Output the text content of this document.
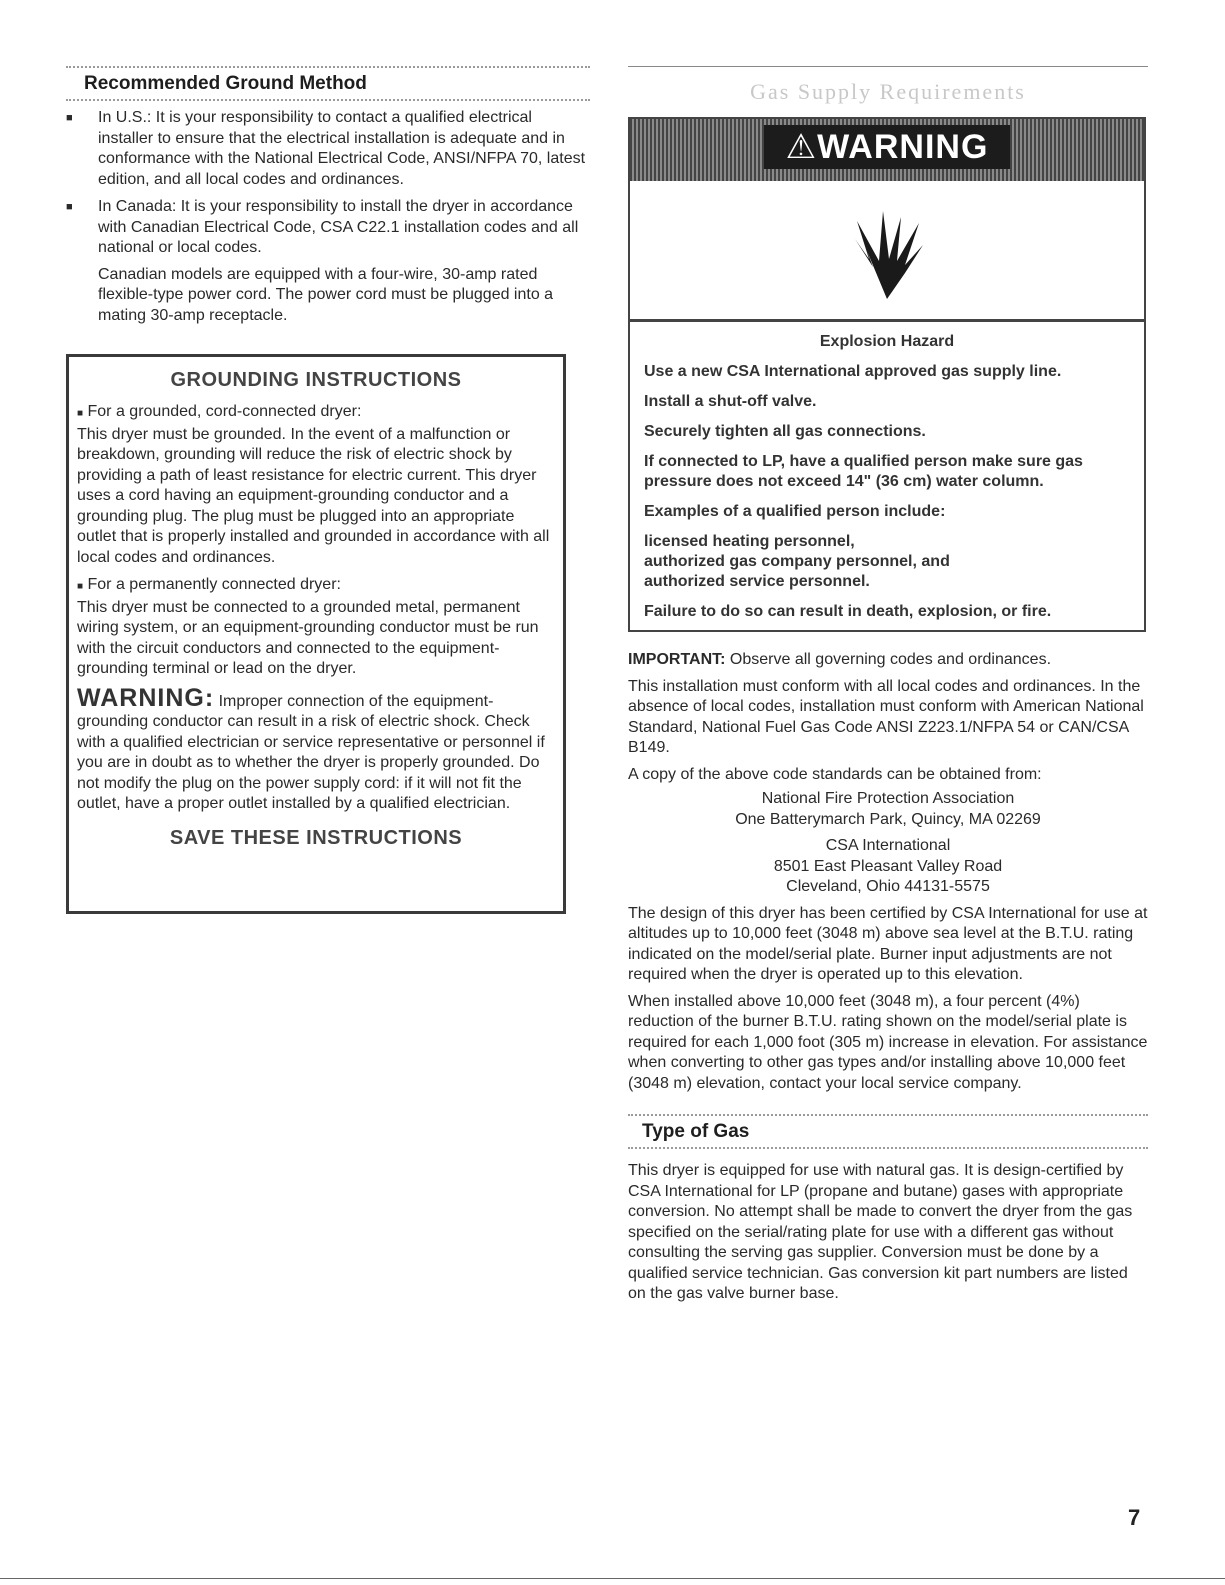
Recommended Ground Method
■	In U.S.: It is your responsibility to contact a qualified electrical installer to ensure that the electrical installation is adequate and in conformance with the National Electrical Code, ANSI/NFPA 70, latest edition, and all local codes and ordinances.

■	In Canada: It is your responsibility to install the dryer in accordance with Canadian Electrical Code, CSA C22.1 installation codes and all national or local codes.

Canadian models are equipped with a four-wire, 30-amp rated flexible-type power cord. The power cord must be plugged into a mating 30-amp receptacle.

GROUNDING INSTRUCTIONS

■ For a grounded, cord-connected dryer:

This dryer must be grounded. In the event of a malfunction or breakdown, grounding will reduce the risk of electric shock by providing a path of least resistance for electric current. This dryer uses a cord having an equipment-grounding conductor and a grounding plug. The plug must be plugged into an appropriate outlet that is properly installed and grounded in accordance with all local codes and ordinances.

■ For a permanently connected dryer:

This dryer must be connected to a grounded metal, permanent wiring system, or an equipment-grounding conductor must be run with the circuit conductors and connected to the equipment-grounding terminal or lead on the dryer.

WARNING: Improper connection of the equipment-grounding conductor can result in a risk of electric shock. Check with a qualified electrician or service representative or personnel if you are in doubt as to whether the dryer is properly grounded. Do not modify the plug on the power supply cord: if it will not fit the outlet, have a proper outlet installed by a qualified electrician.

SAVE THESE INSTRUCTIONS
Gas Supply Requirements
⚠WARNING

Explosion Hazard

Use a new CSA International approved gas supply line.

Install a shut-off valve.

Securely tighten all gas connections.

If connected to LP, have a qualified person make sure gas pressure does not exceed 14" (36 cm) water column.

Examples of a qualified person include:

licensed heating personnel,

authorized gas company personnel, and

authorized service personnel.

Failure to do so can result in death, explosion, or fire.

IMPORTANT: Observe all governing codes and ordinances.

This installation must conform with all local codes and ordinances. In the absence of local codes, installation must conform with American National Standard, National Fuel Gas Code ANSI Z223.1/NFPA 54 or CAN/CSA B149.

A copy of the above code standards can be obtained from:

National Fire Protection Association

One Batterymarch Park, Quincy, MA 02269

CSA International

8501 East Pleasant Valley Road

Cleveland, Ohio 44131-5575

The design of this dryer has been certified by CSA International for use at altitudes up to 10,000 feet (3048 m) above sea level at the B.T.U. rating indicated on the model/serial plate. Burner input adjustments are not required when the dryer is operated up to this elevation.

When installed above 10,000 feet (3048 m), a four percent (4%) reduction of the burner B.T.U. rating shown on the model/serial plate is required for each 1,000 foot (305 m) increase in elevation. For assistance when converting to other gas types and/or installing above 10,000 feet (3048 m) elevation, contact your local service company.

Type of Gas

This dryer is equipped for use with natural gas. It is design-certified by CSA International for LP (propane and butane) gases with appropriate conversion. No attempt shall be made to convert the dryer from the gas specified on the serial/rating plate for use with a different gas without consulting the serving gas supplier. Conversion must be done by a qualified service technician. Gas conversion kit part numbers are listed on the gas valve burner base.

7
